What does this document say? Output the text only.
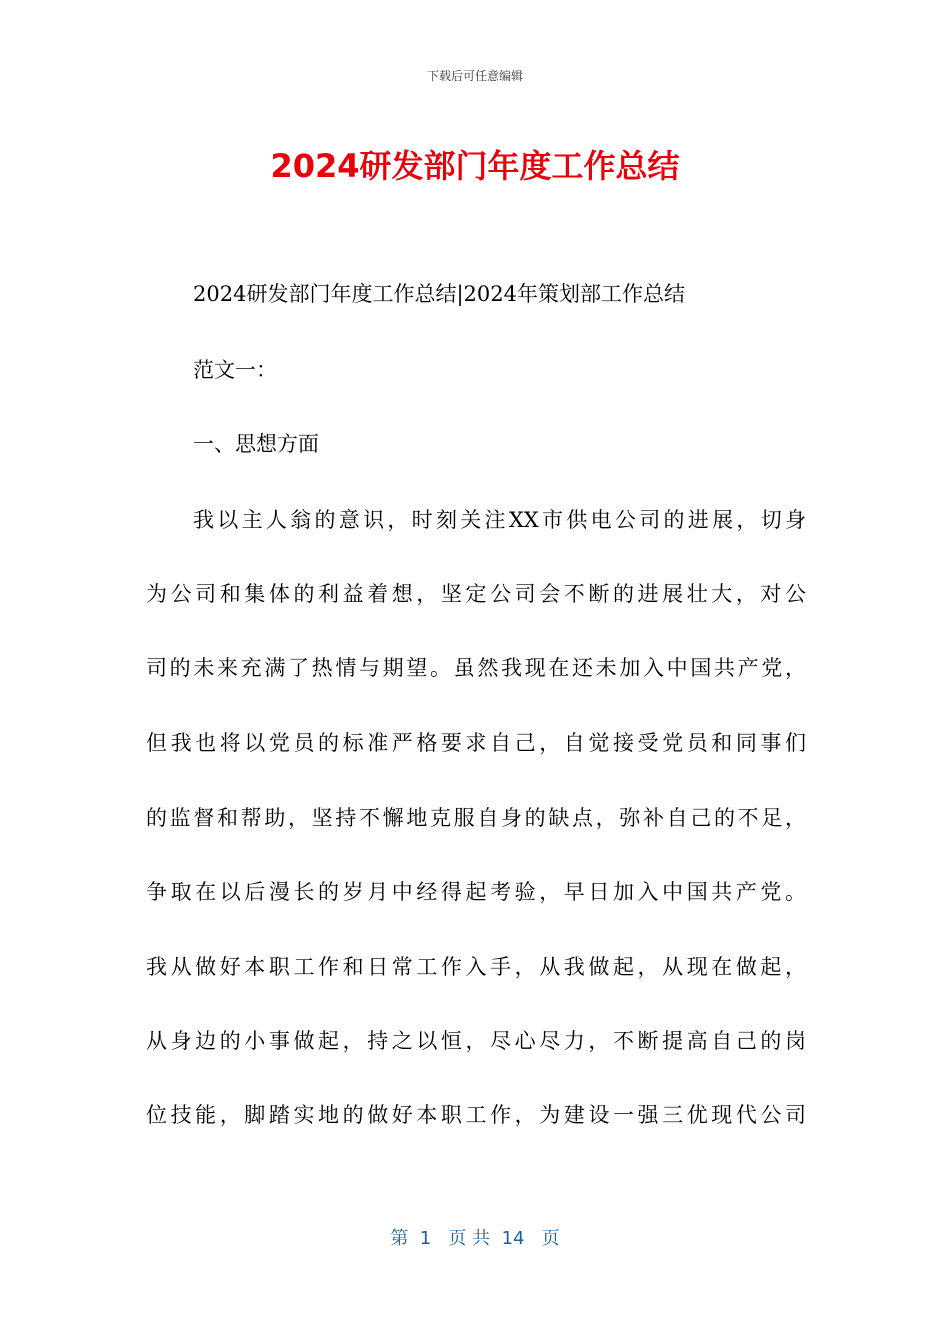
下载后可任意编辑
2024研发部门年度工作总结

2024研发部门年度工作总结|2024年策划部工作总结

范文一：

一、思想方面

我以主人翁的意识，时刻关注XX市供电公司的进展，切身

为公司和集体的利益着想，坚定公司会不断的进展壮大，对公

司的未来充满了热情与期望。虽然我现在还未加入中国共产党，

但我也将以党员的标准严格要求自己，自觉接受党员和同事们

的监督和帮助，坚持不懈地克服自身的缺点，弥补自己的不足，

争取在以后漫长的岁月中经得起考验，早日加入中国共产党。

我从做好本职工作和日常工作入手，从我做起，从现在做起，

从身边的小事做起，持之以恒，尽心尽力，不断提高自己的岗

位技能，脚踏实地的做好本职工作，为建设一强三优现代公司

第  1   页 共  14   页
